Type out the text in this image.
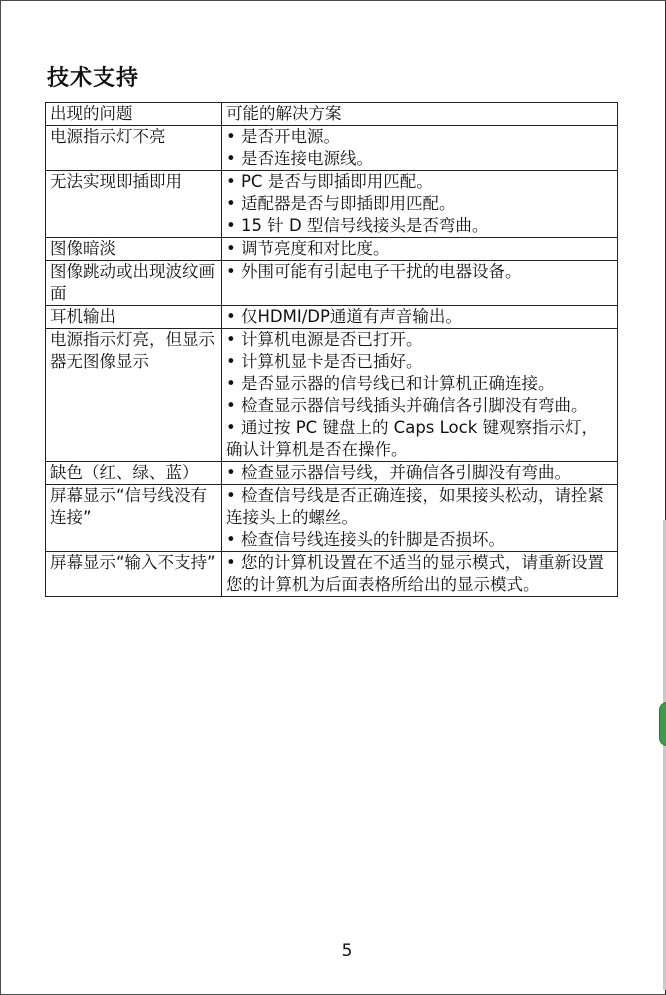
技术支持
出现的问题	可能的解决方案
电源指示灯不亮	• 是否开电源。
• 是否连接电源线。

无法实现即插即用	• PC 是否与即插即用匹配。
• 适配器是否与即插即用匹配。
• 15 针 D 型信号线接头是否弯曲。

图像暗淡	• 调节亮度和对比度。

图像跳动或出现波纹画面	• 外围可能有引起电子干扰的电器设备。

耳机输出	• 仅HDMI/DP通道有声音输出。

电源指示灯亮，但显示器无图像显示	• 计算机电源是否已打开。
• 计算机显卡是否已插好。
• 是否显示器的信号线已和计算机正确连接。
• 检查显示器信号线插头并确信各引脚没有弯曲。
• 通过按 PC 键盘上的 Caps Lock 键观察指示灯，确认计算机是否在操作。

缺色（红、绿、蓝）	• 检查显示器信号线，并确信各引脚没有弯曲。

屏幕显示“信号线没有连接”	• 检查信号线是否正确连接，如果接头松动，请拴紧连接头上的螺丝。
• 检查信号线连接头的针脚是否损坏。

屏幕显示“输入不支持”	• 您的计算机设置在不适当的显示模式，请重新设置您的计算机为后面表格所给出的显示模式。
5
